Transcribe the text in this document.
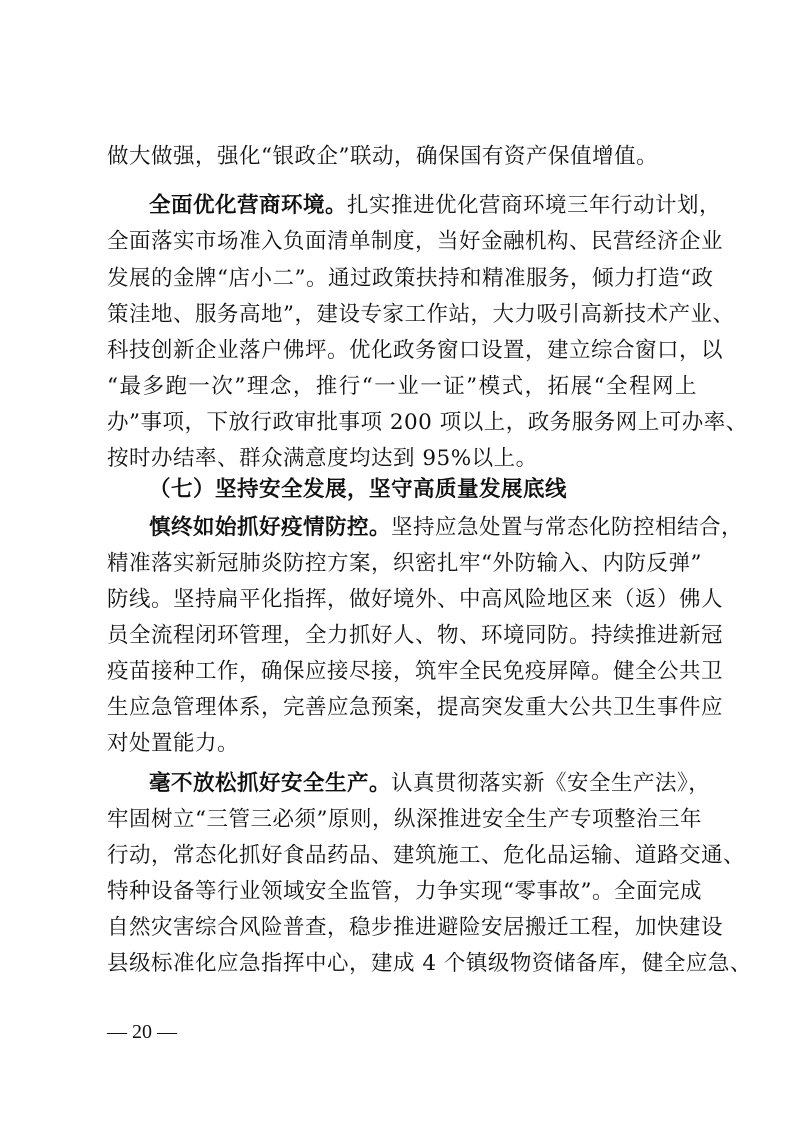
做大做强，强化“银政企”联动，确保国有资产保值增值。
全面优化营商环境。扎实推进优化营商环境三年行动计划，
全面落实市场准入负面清单制度，当好金融机构、民营经济企业
发展的金牌“店小二”。通过政策扶持和精准服务，倾力打造“政
策洼地、服务高地”，建设专家工作站，大力吸引高新技术产业、
科技创新企业落户佛坪。优化政务窗口设置，建立综合窗口，以
“最多跑一次”理念，推行“一业一证”模式，拓展“全程网上
办”事项，下放行政审批事项 200 项以上，政务服务网上可办率、
按时办结率、群众满意度均达到 95%以上。
（七）坚持安全发展，坚守高质量发展底线
慎终如始抓好疫情防控。坚持应急处置与常态化防控相结合，
精准落实新冠肺炎防控方案，织密扎牢“外防输入、内防反弹”
防线。坚持扁平化指挥，做好境外、中高风险地区来（返）佛人
员全流程闭环管理，全力抓好人、物、环境同防。持续推进新冠
疫苗接种工作，确保应接尽接，筑牢全民免疫屏障。健全公共卫
生应急管理体系，完善应急预案，提高突发重大公共卫生事件应
对处置能力。
毫不放松抓好安全生产。认真贯彻落实新《安全生产法》，
牢固树立“三管三必须”原则，纵深推进安全生产专项整治三年
行动，常态化抓好食品药品、建筑施工、危化品运输、道路交通、
特种设备等行业领域安全监管，力争实现“零事故”。全面完成
自然灾害综合风险普查，稳步推进避险安居搬迁工程，加快建设
县级标准化应急指挥中心，建成 4 个镇级物资储备库，健全应急、
— 20 —
